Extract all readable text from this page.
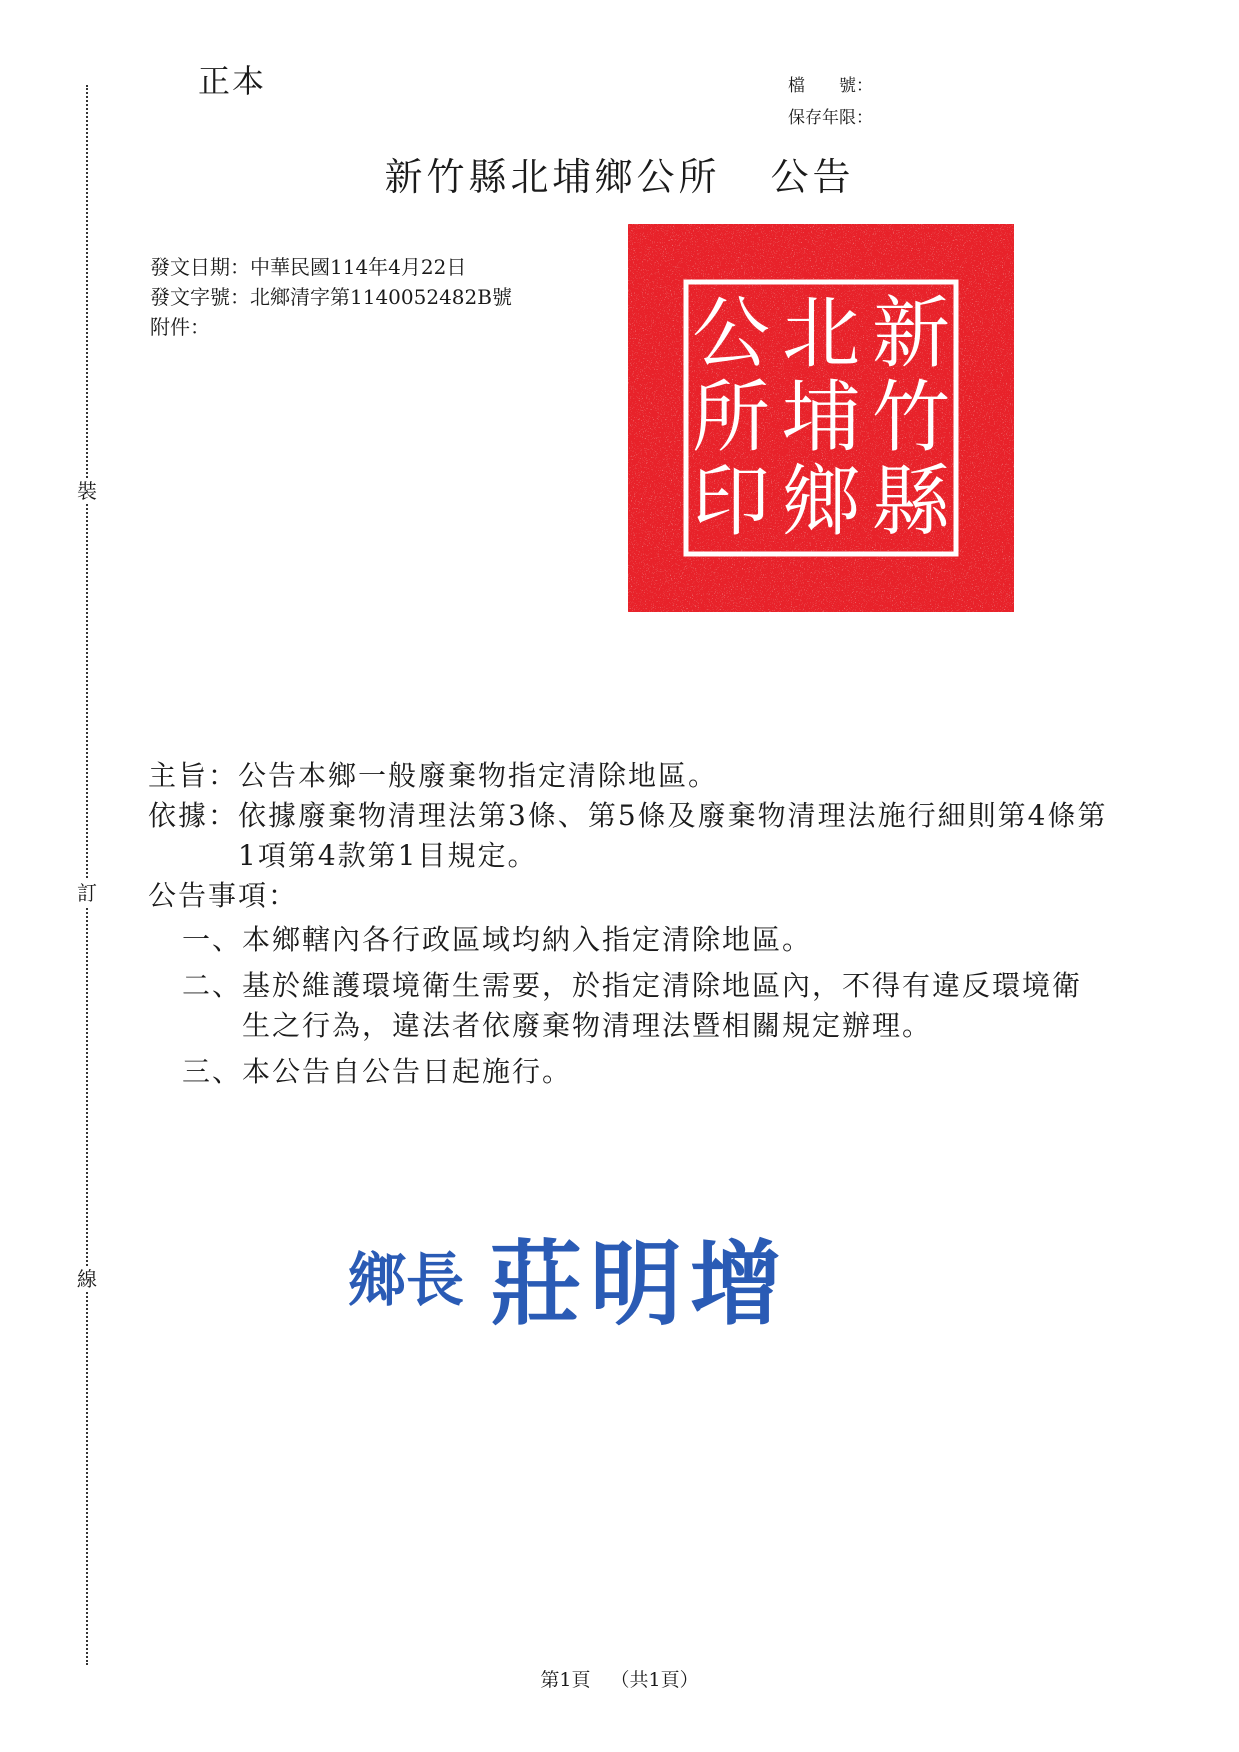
裝
訂
線
正本	檔　　號：
保存年限：
新竹縣北埔鄉公所 公告
發文日期：中華民國114年4月22日
發文字號：北鄉清字第1140052482B號
附件：	新
竹
縣
北
埔
鄉
公
所
印
主旨： 公告本鄉一般廢棄物指定清除地區。
依據： 依據廢棄物清理法第3條、第5條及廢棄物清理法施行細則第4條第1項第4款第1目規定。
公告事項：
一、 本鄉轄內各行政區域均納入指定清除地區。
二、 基於維護環境衛生需要，於指定清除地區內，不得有違反環境衛生之行為，違法者依廢棄物清理法暨相關規定辦理。
三、 本公告自公告日起施行。
鄉長 莊明增
第1頁 （共1頁）
